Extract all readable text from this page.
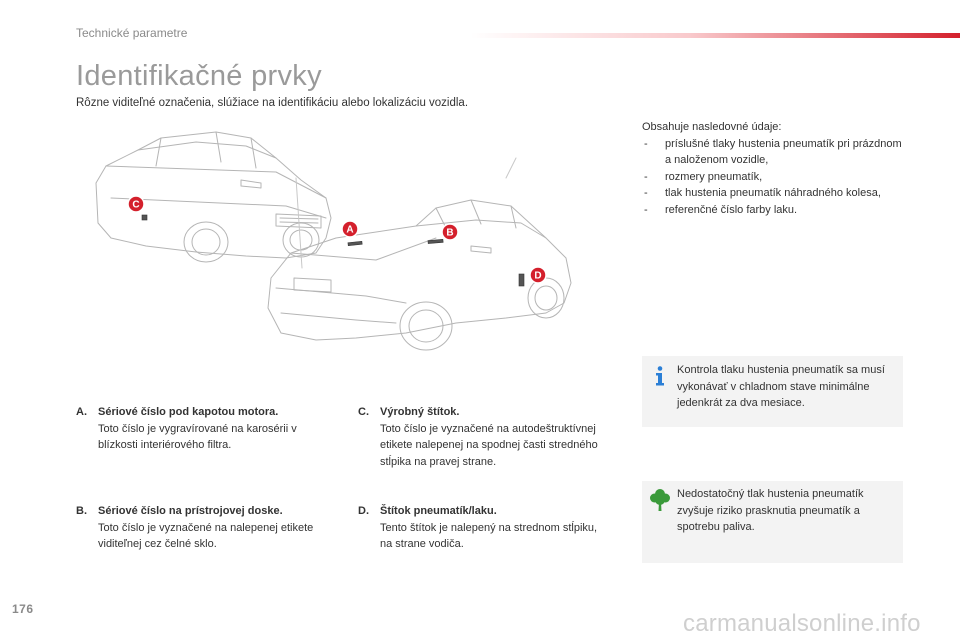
Technické parametre
Identifikačné prvky
Rôzne viditeľné označenia, slúžiace na identifikáciu alebo lokalizáciu vozidla.
A	B
C
D
Obsahuje nasledovné údaje:
- príslušné tlaky hustenia pneumatík pri prázdnom a naloženom vozidle,
- rozmery pneumatík,
- tlak hustenia pneumatík náhradného kolesa,
- referenčné číslo farby laku.
A. Sériové číslo pod kapotou motora.
Toto číslo je vygravírované na karosérii v blízkosti interiérového filtra.
B. Sériové číslo na prístrojovej doske.
Toto číslo je vyznačené na nalepenej etikete viditeľnej cez čelné sklo.
C. Výrobný štítok.
Toto číslo je vyznačené na autodeštruktívnej etikete nalepenej na spodnej časti stredného stĺpika na pravej strane.
D. Štítok pneumatík/laku.
Tento štítok je nalepený na strednom stĺpiku, na strane vodiča.
Kontrola tlaku hustenia pneumatík sa musí vykonávať v chladnom stave minimálne jedenkrát za dva mesiace.
Nedostatočný tlak hustenia pneumatík zvyšuje riziko prasknutia pneumatík a spotrebu paliva.
176
carmanualsonline.info
